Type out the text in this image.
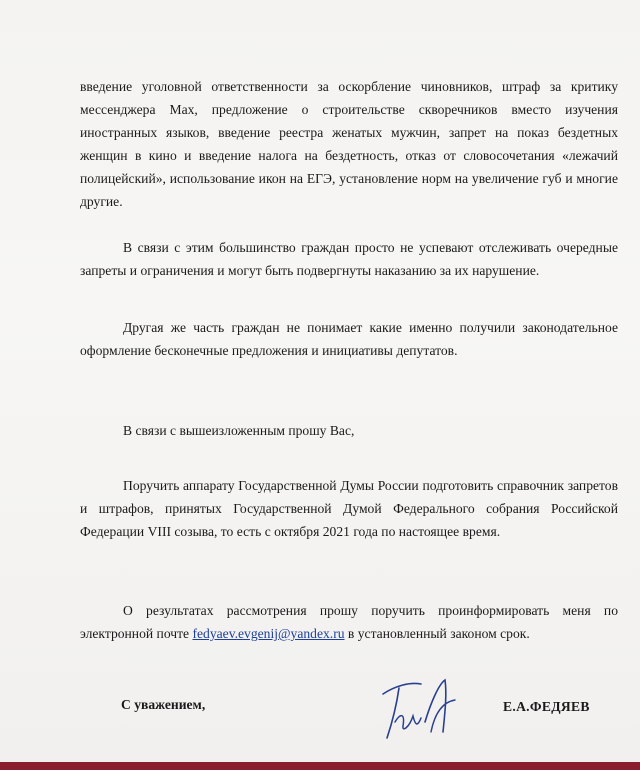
введение уголовной ответственности за оскорбление чиновников, штраф за критику мессенджера Max, предложение о строительстве скворечников вместо изучения иностранных языков, введение реестра женатых мужчин, запрет на показ бездетных женщин в кино и введение налога на бездетность, отказ от словосочетания «лежачий полицейский», использование икон на ЕГЭ, установление норм на увеличение губ и многие другие.

В связи с этим большинство граждан просто не успевают отслеживать очередные запреты и ограничения и могут быть подвергнуты наказанию за их нарушение.

Другая же часть граждан не понимает какие именно получили законодательное оформление бесконечные предложения и инициативы депутатов.

В связи с вышеизложенным прошу Вас,

Поручить аппарату Государственной Думы России подготовить справочник запретов и штрафов, принятых Государственной Думой Федерального собрания Российской Федерации VIII созыва, то есть с октября 2021 года по настоящее время.

О результатах рассмотрения прошу поручить проинформировать меня по электронной почте fedyaev.evgenij@yandex.ru в установленный законом срок.

С уважением,	Е.А.ФЕДЯЕВ
